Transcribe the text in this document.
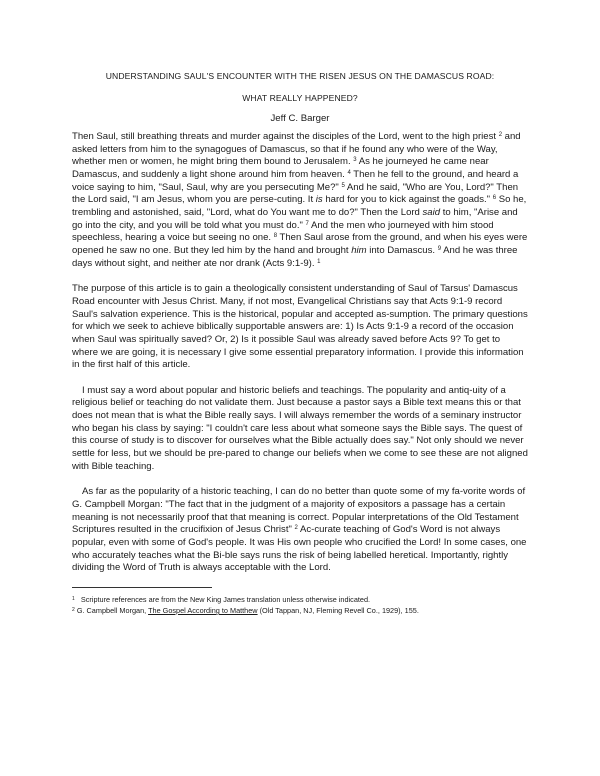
UNDERSTANDING SAUL'S ENCOUNTER WITH THE RISEN JESUS ON THE DAMASCUS ROAD:

WHAT REALLY HAPPENED?

Jeff C. Barger

Then Saul, still breathing threats and murder against the disciples of the Lord, went to the high priest $^2$ and asked letters from him to the synagogues of Damascus, so that if he found any who were of the Way, whether men or women, he might bring them bound to Jerusalem. $^3$ As he journeyed he came near Damascus, and suddenly a light shone around him from heaven. $^4$ Then he fell to the ground, and heard a voice saying to him, "Saul, Saul, why are you persecuting Me?" $^5$ And he said, "Who are You, Lord?" Then the Lord said, "I am Jesus, whom you are perse-cuting. It is hard for you to kick against the goads." $^6$ So he, trembling and astonished, said, "Lord, what do You want me to do?" Then the Lord said to him, "Arise and go into the city, and you will be told what you must do." $^7$ And the men who journeyed with him stood speechless, hearing a voice but seeing no one. $^8$ Then Saul arose from the ground, and when his eyes were opened he saw no one. But they led him by the hand and brought him into Damascus. $^9$ And he was three days without sight, and neither ate nor drank (Acts 9:1-9). $^1$

The purpose of this article is to gain a theologically consistent understanding of Saul of Tarsus' Damascus Road encounter with Jesus Christ. Many, if not most, Evangelical Christians say that Acts 9:1-9 record Saul's salvation experience. This is the historical, popular and accepted as-sumption. The primary questions for which we seek to achieve biblically supportable answers are: 1) Is Acts 9:1-9 a record of the occasion when Saul was spiritually saved? Or, 2) Is it possible Saul was already saved before Acts 9? To get to where we are going, it is necessary I give some essential preparatory information. I provide this information in the first half of this article.

I must say a word about popular and historic beliefs and teachings. The popularity and antiq-uity of a religious belief or teaching do not validate them. Just because a pastor says a Bible text means this or that does not mean that is what the Bible really says. I will always remember the words of a seminary instructor who began his class by saying: "I couldn't care less about what someone says the Bible says. The quest of this course of study is to discover for ourselves what the Bible actually does say." Not only should we never settle for less, but we should be pre-pared to change our beliefs when we come to see these are not aligned with Bible teaching.

As far as the popularity of a historic teaching, I can do no better than quote some of my fa-vorite words of G. Campbell Morgan: "The fact that in the judgment of a majority of expositors a passage has a certain meaning is not necessarily proof that that meaning is correct. Popular interpretations of the Old Testament Scriptures resulted in the crucifixion of Jesus Christ" $^2$ Ac-curate teaching of God's Word is not always popular, even with some of God's people. It was His own people who crucified the Lord! In some cases, one who accurately teaches what the Bi-ble says runs the risk of being labelled heretical. Importantly, rightly dividing the Word of Truth is always acceptable with the Lord.

$^1$ Scripture references are from the New King James translation unless otherwise indicated.

$^2$ G. Campbell Morgan, The Gospel According to Matthew (Old Tappan, NJ, Fleming Revell Co., 1929), 155.
